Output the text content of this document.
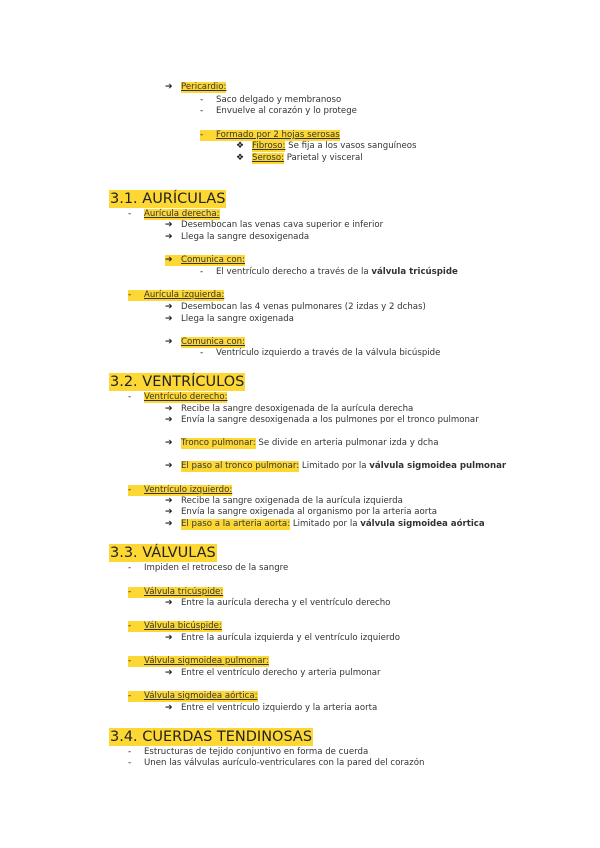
➔ Pericardio:
-	Saco delgado y membranoso
-	Envuelve al corazón y lo protege
-	Formado por 2 hojas serosas
❖ Fibroso: Se fija a los vasos sanguíneos
❖ Seroso: Parietal y visceral
3.1. AURÍCULAS
-	Aurícula derecha:
➔ Desembocan las venas cava superior e inferior
➔ Llega la sangre desoxigenada
➔ Comunica con:
-	El ventrículo derecho a través de la válvula tricúspide
-	Aurícula izquierda:
➔ Desembocan las 4 venas pulmonares (2 izdas y 2 dchas)
➔ Llega la sangre oxigenada
➔ Comunica con:
-	Ventrículo izquierdo a través de la válvula bicúspide
3.2. VENTRÍCULOS
-	Ventrículo derecho:
➔ Recibe la sangre desoxigenada de la aurícula derecha
➔ Envía la sangre desoxigenada a los pulmones por el tronco pulmonar
➔ Tronco pulmonar: Se divide en arteria pulmonar izda y dcha
➔ El paso al tronco pulmonar: Limitado por la válvula sigmoidea pulmonar
-	Ventrículo izquierdo:
➔ Recibe la sangre oxigenada de la aurícula izquierda
➔ Envía la sangre oxigenada al organismo por la arteria aorta
➔ El paso a la arteria aorta: Limitado por la válvula sigmoidea aórtica
3.3. VÁLVULAS
-	Impiden el retroceso de la sangre
-	Válvula tricúspide:
➔ Entre la aurícula derecha y el ventrículo derecho
-	Válvula bicúspide:
➔ Entre la aurícula izquierda y el ventrículo izquierdo
-	Válvula sigmoidea pulmonar:
➔ Entre el ventrículo derecho y arteria pulmonar
-	Válvula sigmoidea aórtica:
➔ Entre el ventrículo izquierdo y la arteria aorta
3.4. CUERDAS TENDINOSAS
-	Estructuras de tejido conjuntivo en forma de cuerda
-	Unen las válvulas aurículo-ventriculares con la pared del corazón
